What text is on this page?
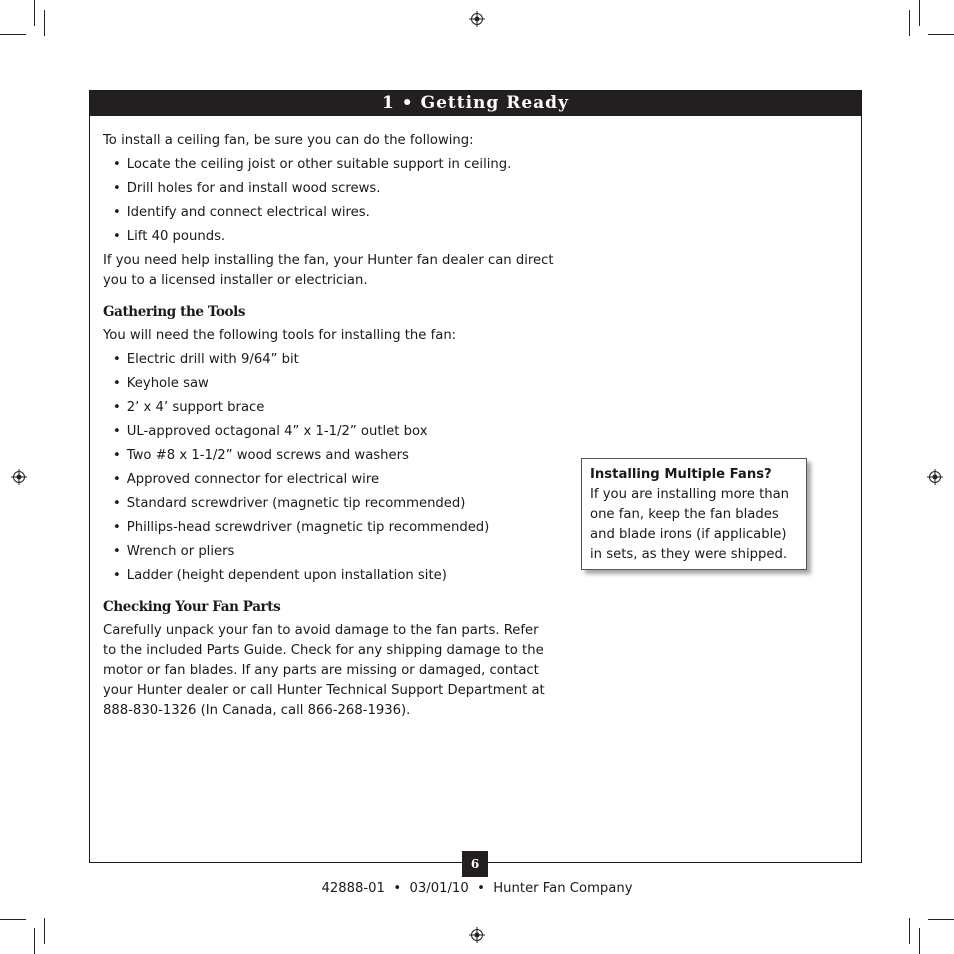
1 • Getting Ready

To install a ceiling fan, be sure you can do the following:

• Locate the ceiling joist or other suitable support in ceiling.
• Drill holes for and install wood screws.
• Identify and connect electrical wires.
• Lift 40 pounds.

If you need help installing the fan, your Hunter fan dealer can direct you to a licensed installer or electrician.

Gathering the Tools

You will need the following tools for installing the fan:

• Electric drill with 9/64” bit
• Keyhole saw
• 2’ x 4’ support brace
• UL-approved octagonal 4” x 1-1/2” outlet box
• Two #8 x 1-1/2” wood screws and washers
• Approved connector for electrical wire
• Standard screwdriver (magnetic tip recommended)
• Phillips-head screwdriver (magnetic tip recommended)
• Wrench or pliers
• Ladder (height dependent upon installation site)
Checking Your Fan Parts

Carefully unpack your fan to avoid damage to the fan parts. Refer to the included Parts Guide. Check for any shipping damage to the motor or fan blades. If any parts are missing or damaged, contact your Hunter dealer or call Hunter Technical Support Department at 888-830-1326 (In Canada, call 866-268-1936).

Installing Multiple Fans?
If you are installing more than one fan, keep the fan blades and blade irons (if applicable) in sets, as they were shipped.
6
42888-01  •  03/01/10  •  Hunter Fan Company
